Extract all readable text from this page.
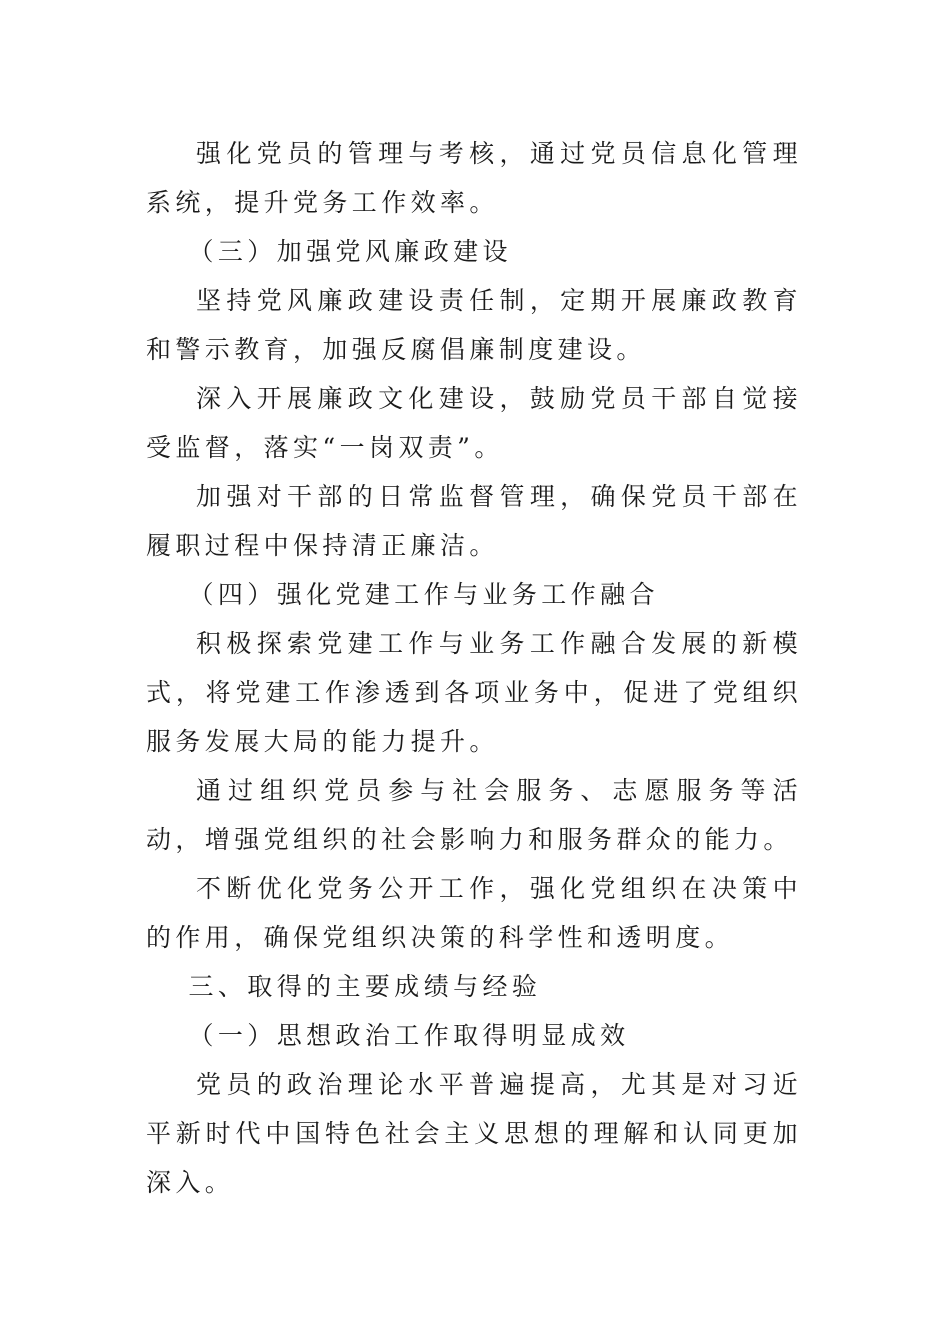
强化党员的管理与考核，通过党员信息化管理系统，提升党务工作效率。

（三）加强党风廉政建设

坚持党风廉政建设责任制，定期开展廉政教育和警示教育，加强反腐倡廉制度建设。

深入开展廉政文化建设，鼓励党员干部自觉接受监督，落实“一岗双责”。

加强对干部的日常监督管理，确保党员干部在履职过程中保持清正廉洁。

（四）强化党建工作与业务工作融合

积极探索党建工作与业务工作融合发展的新模式，将党建工作渗透到各项业务中，促进了党组织服务发展大局的能力提升。

通过组织党员参与社会服务、志愿服务等活动，增强党组织的社会影响力和服务群众的能力。

不断优化党务公开工作，强化党组织在决策中的作用，确保党组织决策的科学性和透明度。

三、取得的主要成绩与经验

（一）思想政治工作取得明显成效

党员的政治理论水平普遍提高，尤其是对习近平新时代中国特色社会主义思想的理解和认同更加深入。
